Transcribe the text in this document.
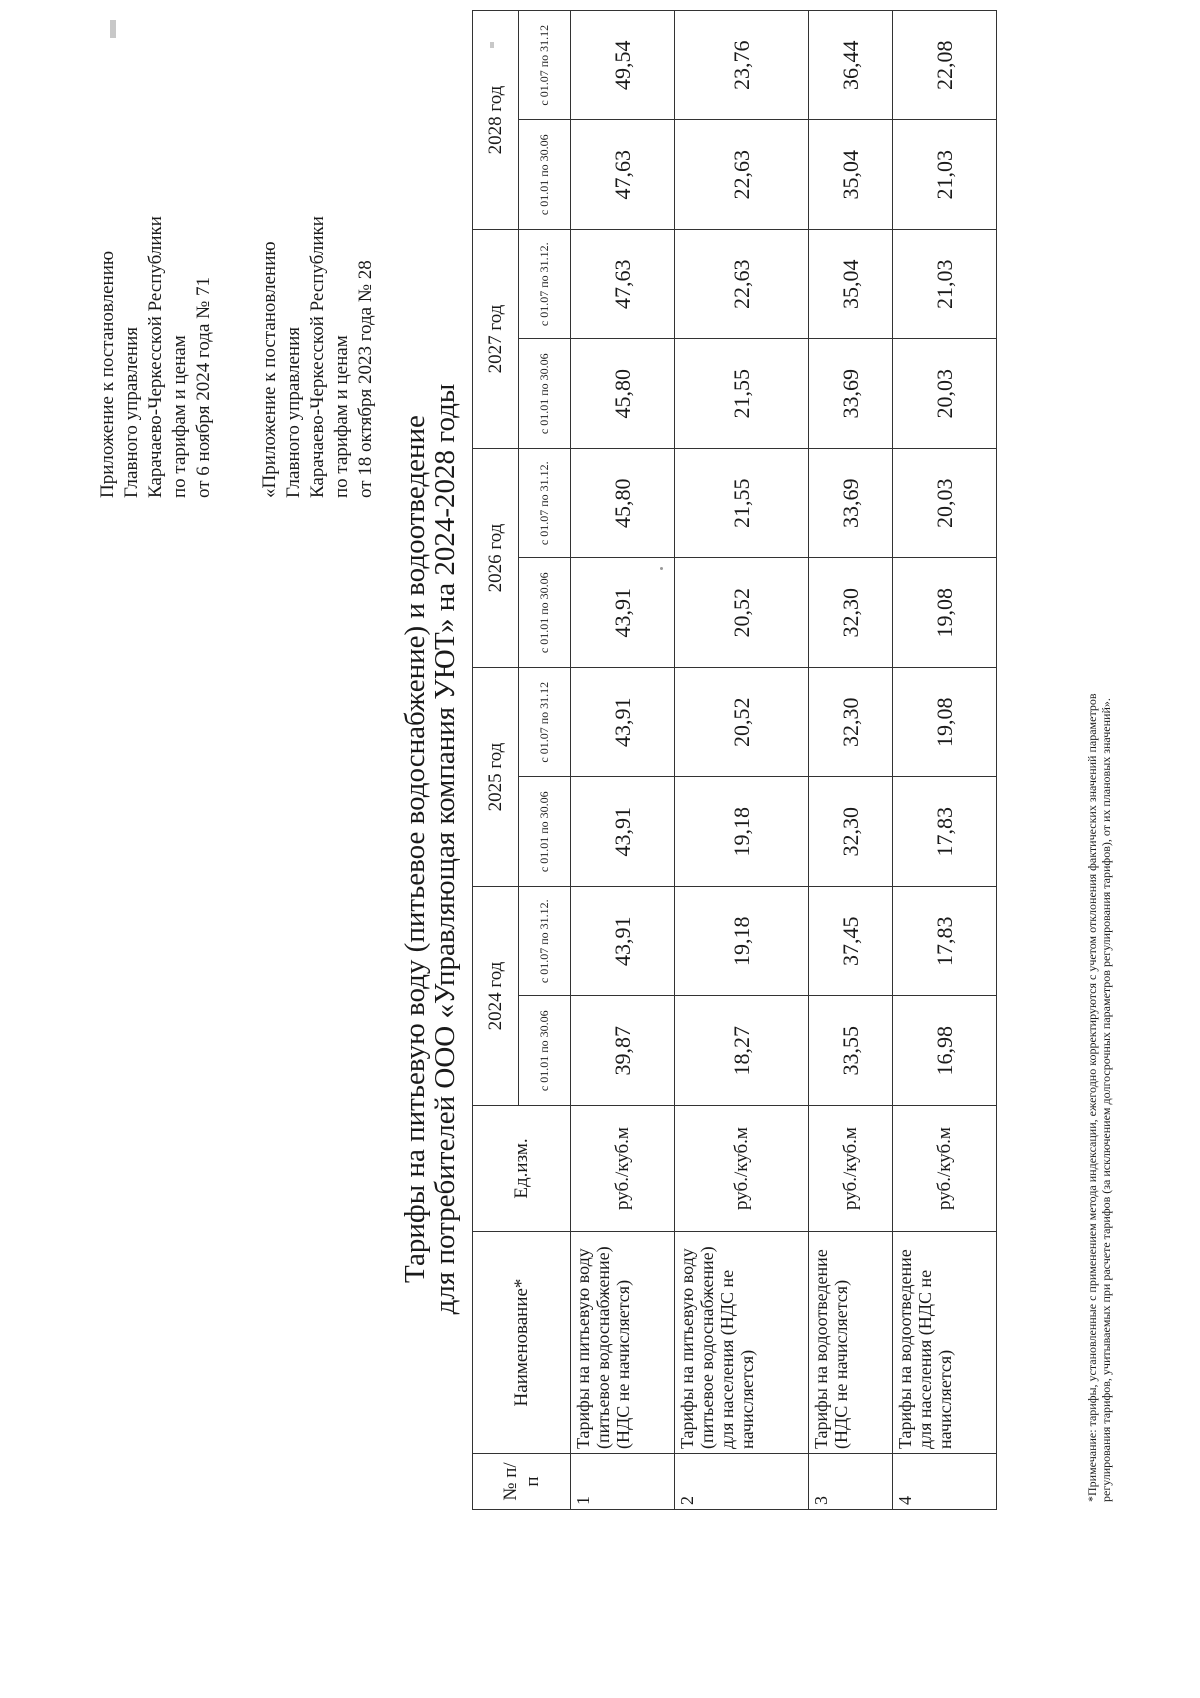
Приложение к постановлению Главного управления Карачаево-Черкесской Республики по тарифам и ценам от 6 ноября 2024 года № 71 «Приложение к постановлению Главного управления Карачаево-Черкесской Республики по тарифам и ценам от 18 октября 2023 года № 28
Тарифы на питьевую воду (питьевое водоснабжение) и водоотведение
для потребителей ООО «Управляющая компания УЮТ» на 2024-2028 годы
№ п/п	Наименование*	Ед.изм.	2024 год		2025 год		2026 год		2027 год		2028 год	
			с 01.01 по 30.06	с 01.07 по 31.12.	с 01.01 по 30.06	с 01.07 по 31.12	с 01.01 по 30.06	с 01.07 по 31.12.	с 01.01 по 30.06	с 01.07 по 31.12.	с 01.01 по 30.06	с 01.07 по 31.12
1	Тарифы на питьевую воду (питьевое водоснабжение) (НДС не начисляется)	руб./куб.м	39,87	43,91	43,91	43,91	43,91	45,80	45,80	47,63	47,63	49,54
2	Тарифы на питьевую воду (питьевое водоснабжение) для населения (НДС не начисляется)	руб./куб.м	18,27	19,18	19,18	20,52	20,52	21,55	21,55	22,63	22,63	23,76
3	Тарифы на водоотведение (НДС не начисляется)	руб./куб.м	33,55	37,45	32,30	32,30	32,30	33,69	33,69	35,04	35,04	36,44
4	Тарифы на водоотведение для населения (НДС не начисляется)	руб./куб.м	16,98	17,83	17,83	19,08	19,08	20,03	20,03	21,03	21,03	22,08
*Примечание: тарифы, установленные с применением метода индексации, ежегодно корректируются с учетом отклонения фактических значений параметров регулирования тарифов, учитываемых при расчете тарифов (за исключением долгосрочных параметров регулирования тарифов), от их плановых значений».
